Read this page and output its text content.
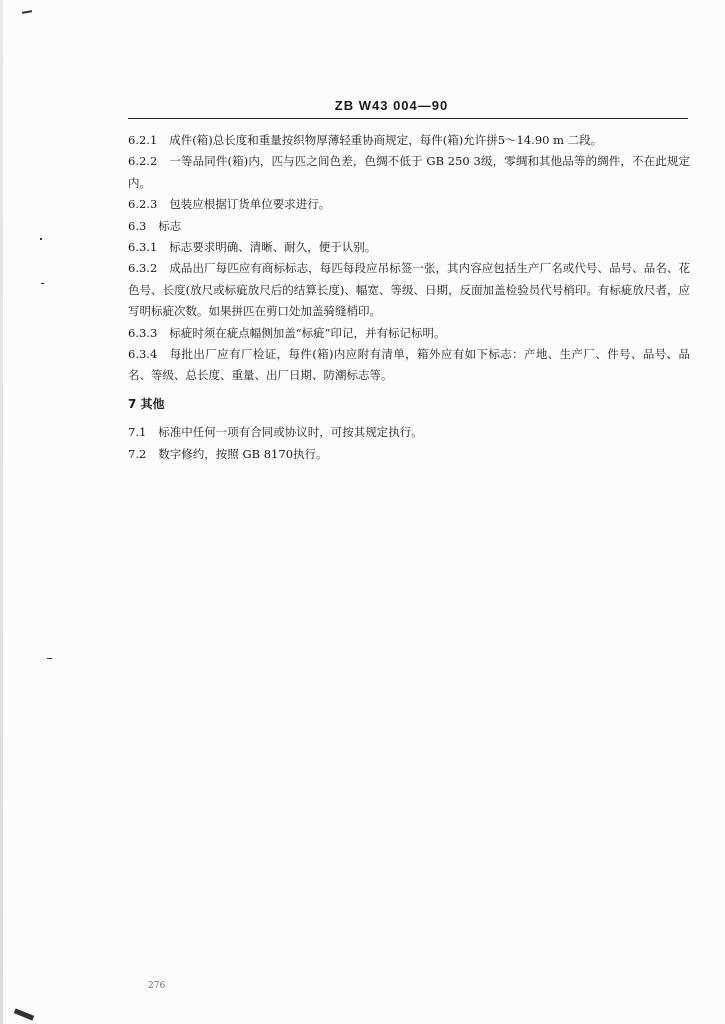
ZB W43 004—90

6.2.1 成件(箱)总长度和重量按织物厚薄轻重协商规定，每件(箱)允许拼5～14.90 m 二段。

6.2.2 一等品同件(箱)内，匹与匹之间色差，色绸不低于 GB 250 3级，零绸和其他品等的绸件，不在此规定内。

6.2.3 包装应根据订货单位要求进行。

6.3 标志

6.3.1 标志要求明确、清晰、耐久，便于认别。

6.3.2 成品出厂每匹应有商标标志，每匹每段应吊标签一张，其内容应包括生产厂名或代号、品号、品名、花色号、长度(放尺或标疵放尺后的结算长度)、幅宽、等级、日期，反面加盖检验员代号梢印。有标疵放尺者，应写明标疵次数。如果拼匹在剪口处加盖骑缝梢印。

6.3.3 标疵时须在疵点幅侧加盖“标疵”印记，并有标记标明。

6.3.4 每批出厂应有厂检证，每件(箱)内应附有清单，箱外应有如下标志：产地、生产厂、件号、品号、品名、等级、总长度、重量、出厂日期、防潮标志等。

7 其他

7.1 标准中任何一项有合同或协议时，可按其规定执行。

7.2 数字修约，按照 GB 8170执行。

276
